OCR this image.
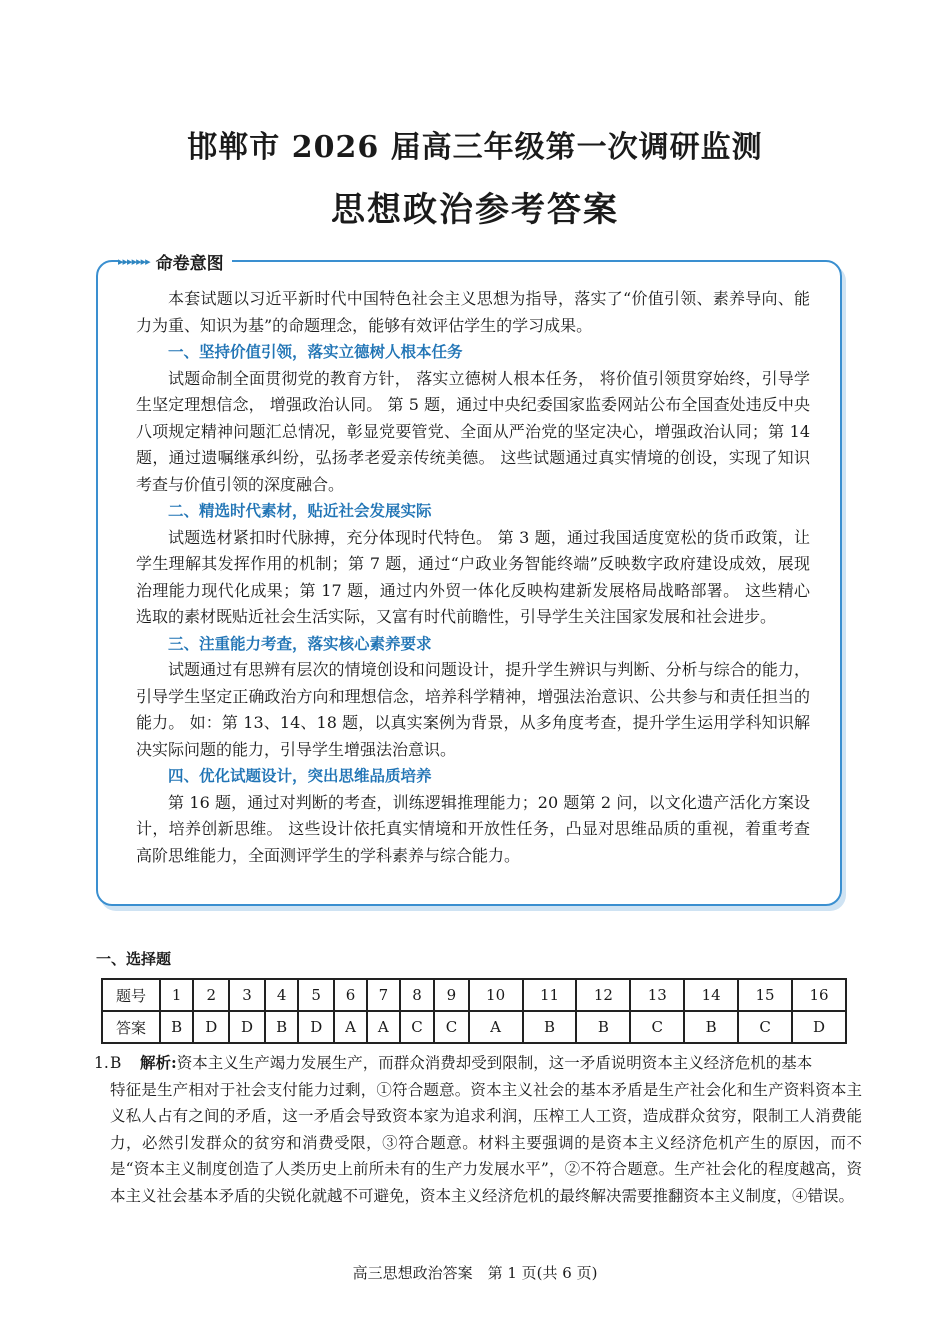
邯郸市 2026 届高三年级第一次调研监测
思想政治参考答案

本套试题以习近平新时代中国特色社会主义思想为指导，落实了“价值引领、素养导向、能力为重、知识为基”的命题理念，能够有效评估学生的学习成果。

一、坚持价值引领，落实立德树人根本任务

试题命制全面贯彻党的教育方针， 落实立德树人根本任务， 将价值引领贯穿始终，引导学生坚定理想信念， 增强政治认同。 第 5 题，通过中央纪委国家监委网站公布全国查处违反中央八项规定精神问题汇总情况，彰显党要管党、全面从严治党的坚定决心，增强政治认同；第 14 题，通过遗嘱继承纠纷，弘扬孝老爱亲传统美德。 这些试题通过真实情境的创设，实现了知识考查与价值引领的深度融合。

二、精选时代素材，贴近社会发展实际

试题选材紧扣时代脉搏，充分体现时代特色。 第 3 题，通过我国适度宽松的货币政策，让学生理解其发挥作用的机制；第 7 题，通过“户政业务智能终端”反映数字政府建设成效，展现治理能力现代化成果；第 17 题，通过内外贸一体化反映构建新发展格局战略部署。 这些精心选取的素材既贴近社会生活实际，又富有时代前瞻性，引导学生关注国家发展和社会进步。

三、注重能力考查，落实核心素养要求

试题通过有思辨有层次的情境创设和问题设计，提升学生辨识与判断、分析与综合的能力，引导学生坚定正确政治方向和理想信念，培养科学精神，增强法治意识、公共参与和责任担当的能力。 如：第 13、14、18 题，以真实案例为背景，从多角度考查，提升学生运用学科知识解决实际问题的能力，引导学生增强法治意识。

四、优化试题设计，突出思维品质培养

第 16 题，通过对判断的考查，训练逻辑推理能力；20 题第 2 问，以文化遗产活化方案设计，培养创新思维。 这些设计依托真实情境和开放性任务，凸显对思维品质的重视，着重考查高阶思维能力，全面测评学生的学科素养与综合能力。

▸▸▸▸▸▸▸ 命卷意图
一、选择题
题号	1	2	3	4	5	6	7	8	9	10	11	12	13	14	15	16
答案	B	D	D	B	D	A	A	C	C	A	B	B	C	B	C	D
1. B	解析:资本主义生产竭力发展生产，而群众消费却受到限制，这一矛盾说明资本主义经济危机的基本
特征是生产相对于社会支付能力过剩，①符合题意。资本主义社会的基本矛盾是生产社会化和生产资料资本主义私人占有之间的矛盾，这一矛盾会导致资本家为追求利润，压榨工人工资，造成群众贫穷，限制工人消费能力，必然引发群众的贫穷和消费受限，③符合题意。材料主要强调的是资本主义经济危机产生的原因，而不是“资本主义制度创造了人类历史上前所未有的生产力发展水平”，②不符合题意。生产社会化的程度越高，资本主义社会基本矛盾的尖锐化就越不可避免，资本主义经济危机的最终解决需要推翻资本主义制度，④错误。
高三思想政治答案　第 1 页(共 6 页)
